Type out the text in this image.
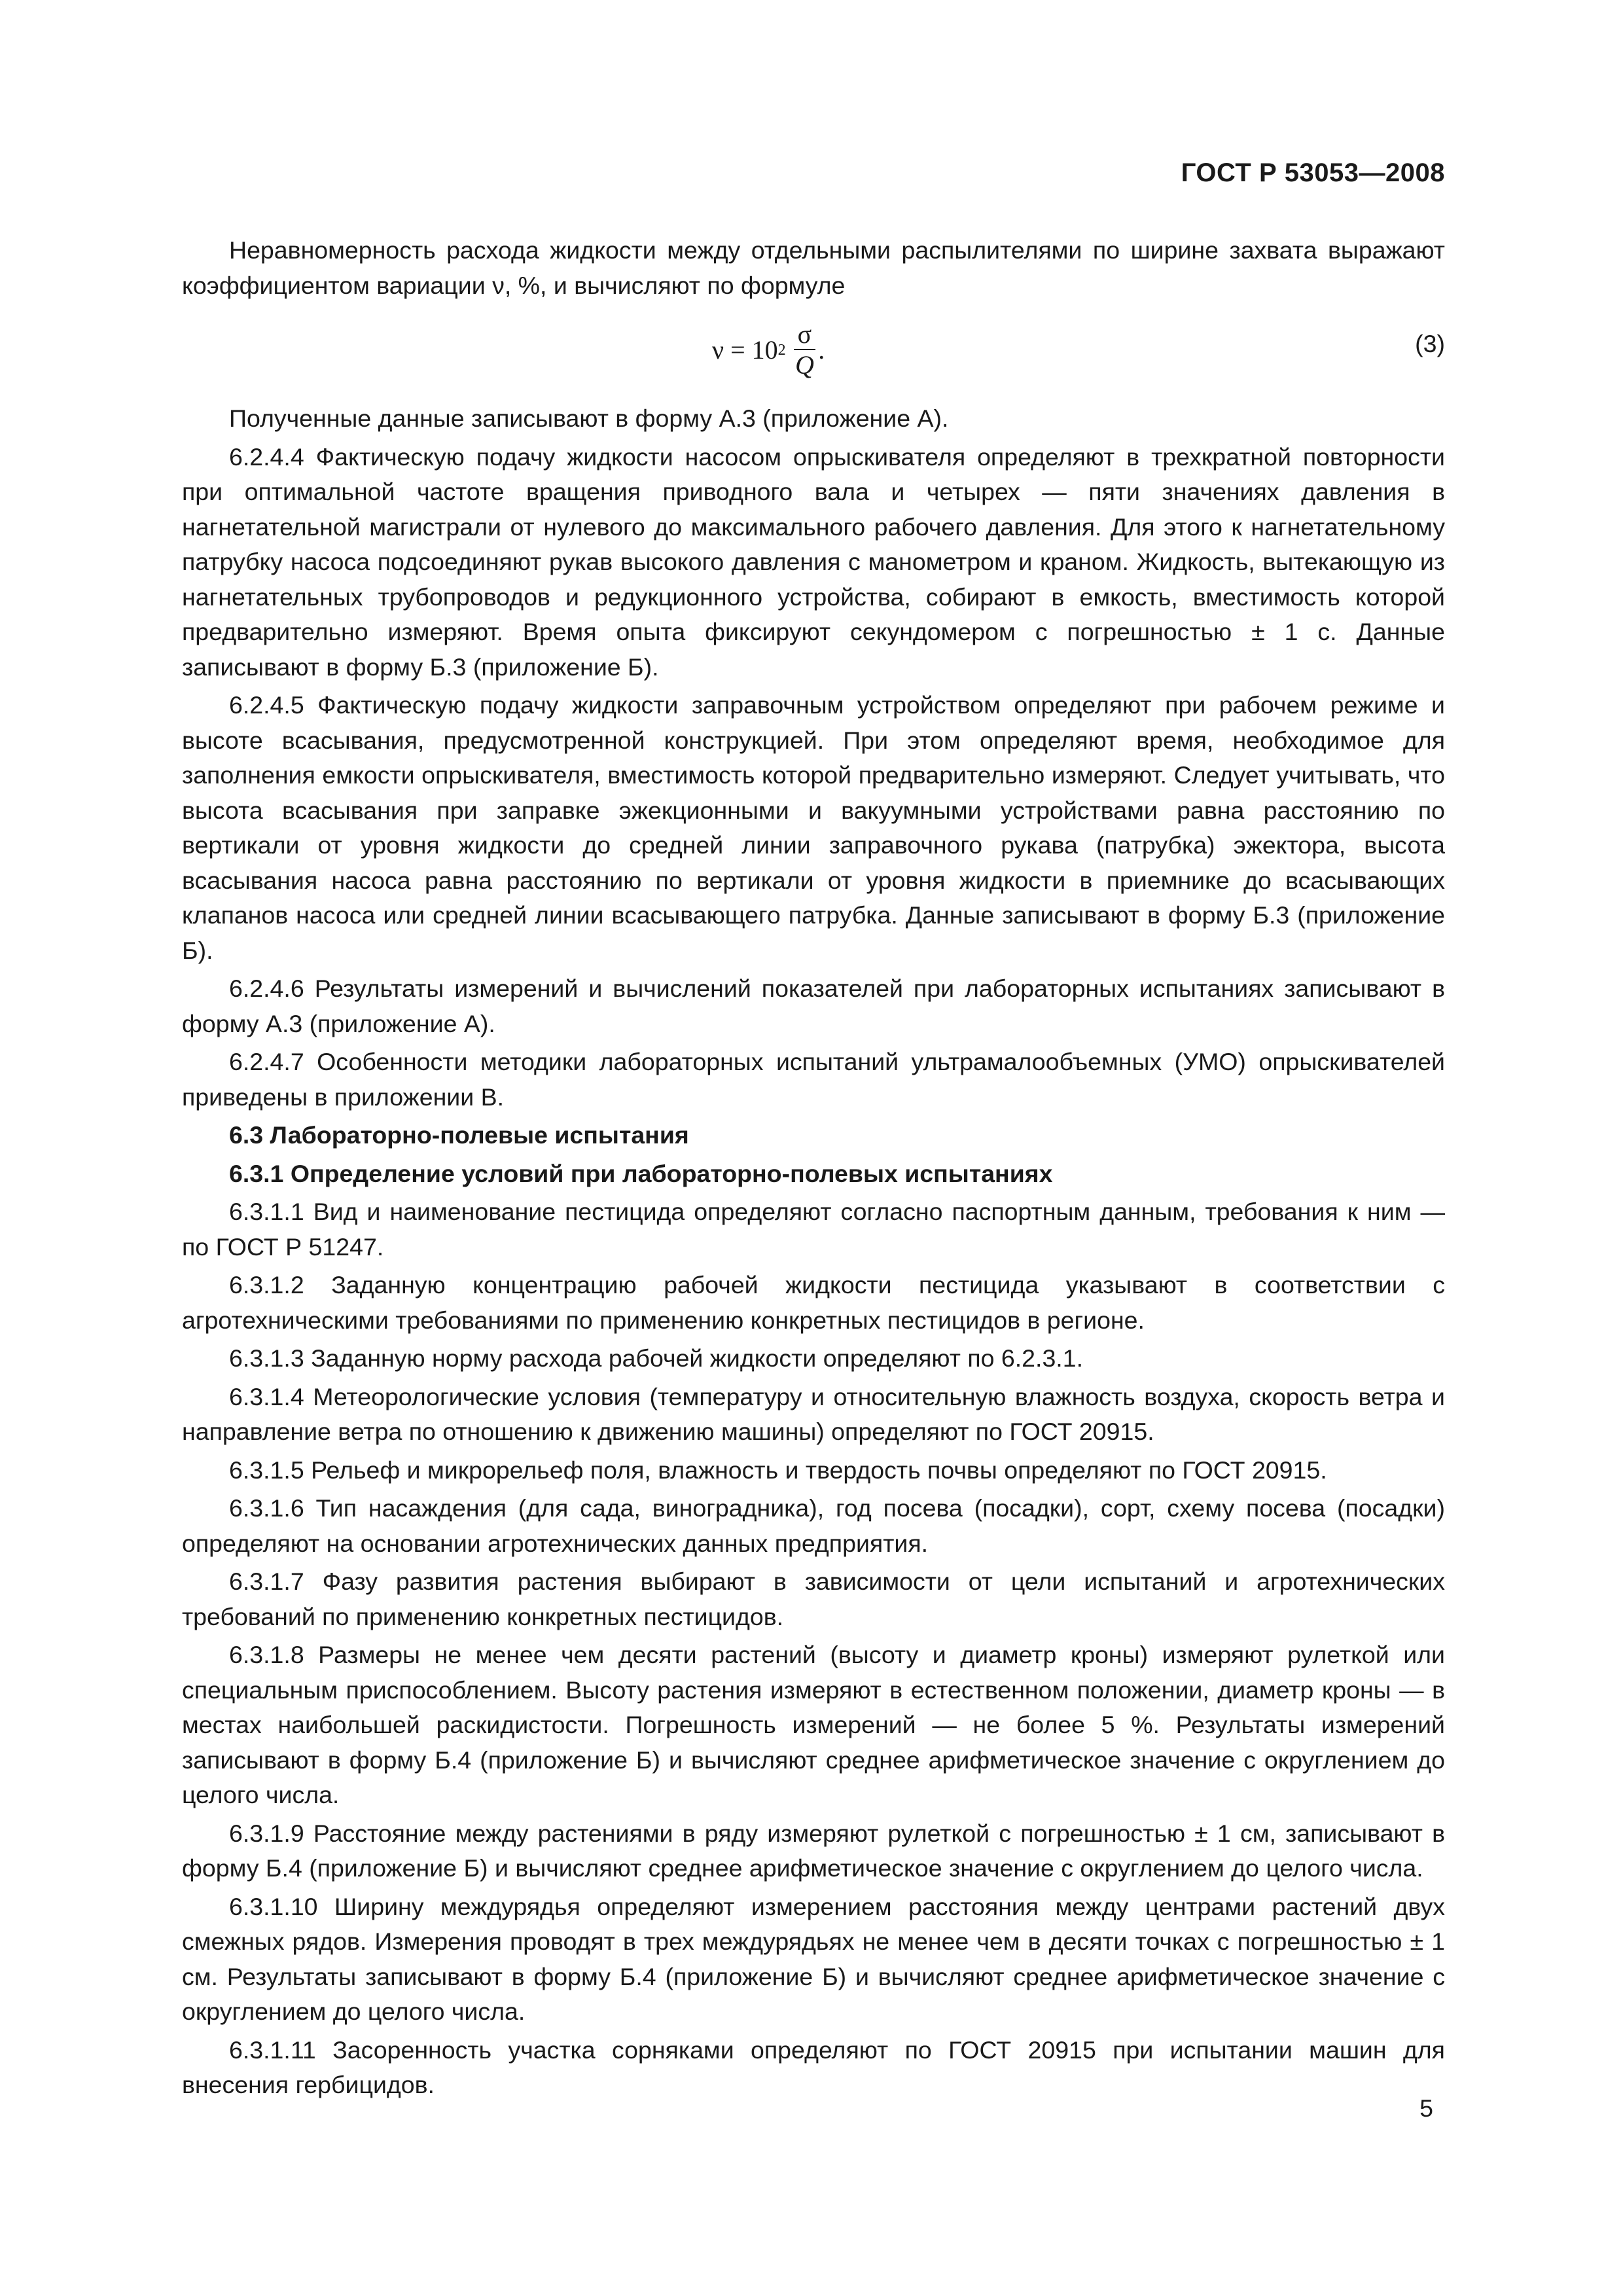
ГОСТ Р 53053—2008

Неравномерность расхода жидкости между отдельными распылителями по ширине захвата выражают коэффициентом вариации ν, %, и вычисляют по формуле

ν = 10 $2 \frac{\sigma}{Q}$ .	(3)

Полученные данные записывают в форму А.3 (приложение А).

6.2.4.4 Фактическую подачу жидкости насосом опрыскивателя определяют в трехкратной повторности при оптимальной частоте вращения приводного вала и четырех — пяти значениях давления в нагнетательной магистрали от нулевого до максимального рабочего давления. Для этого к нагнетательному патрубку насоса подсоединяют рукав высокого давления с манометром и краном. Жидкость, вытекающую из нагнетательных трубопроводов и редукционного устройства, собирают в емкость, вместимость которой предварительно измеряют. Время опыта фиксируют секундомером с погрешностью ± 1 с. Данные записывают в форму Б.3 (приложение Б).

6.2.4.5 Фактическую подачу жидкости заправочным устройством определяют при рабочем режиме и высоте всасывания, предусмотренной конструкцией. При этом определяют время, необходимое для заполнения емкости опрыскивателя, вместимость которой предварительно измеряют. Следует учитывать, что высота всасывания при заправке эжекционными и вакуумными устройствами равна расстоянию по вертикали от уровня жидкости до средней линии заправочного рукава (патрубка) эжектора, высота всасывания насоса равна расстоянию по вертикали от уровня жидкости в приемнике до всасывающих клапанов насоса или средней линии всасывающего патрубка. Данные записывают в форму Б.3 (приложение Б).

6.2.4.6 Результаты измерений и вычислений показателей при лабораторных испытаниях записывают в форму А.3 (приложение А).

6.2.4.7 Особенности методики лабораторных испытаний ультрамалообъемных (УМО) опрыскивателей приведены в приложении В.

6.3 Лабораторно-полевые испытания

6.3.1 Определение условий при лабораторно-полевых испытаниях

6.3.1.1 Вид и наименование пестицида определяют согласно паспортным данным, требования к ним — по ГОСТ Р 51247.

6.3.1.2 Заданную концентрацию рабочей жидкости пестицида указывают в соответствии с агротехническими требованиями по применению конкретных пестицидов в регионе.

6.3.1.3 Заданную норму расхода рабочей жидкости определяют по 6.2.3.1.

6.3.1.4 Метеорологические условия (температуру и относительную влажность воздуха, скорость ветра и направление ветра по отношению к движению машины) определяют по ГОСТ 20915.

6.3.1.5 Рельеф и микрорельеф поля, влажность и твердость почвы определяют по ГОСТ 20915.

6.3.1.6 Тип насаждения (для сада, виноградника), год посева (посадки), сорт, схему посева (посадки) определяют на основании агротехнических данных предприятия.

6.3.1.7 Фазу развития растения выбирают в зависимости от цели испытаний и агротехнических требований по применению конкретных пестицидов.

6.3.1.8 Размеры не менее чем десяти растений (высоту и диаметр кроны) измеряют рулеткой или специальным приспособлением. Высоту растения измеряют в естественном положении, диаметр кроны — в местах наибольшей раскидистости. Погрешность измерений — не более 5 %. Результаты измерений записывают в форму Б.4 (приложение Б) и вычисляют среднее арифметическое значение с округлением до целого числа.

6.3.1.9 Расстояние между растениями в ряду измеряют рулеткой с погрешностью ± 1 см, записывают в форму Б.4 (приложение Б) и вычисляют среднее арифметическое значение с округлением до целого числа.

6.3.1.10 Ширину междурядья определяют измерением расстояния между центрами растений двух смежных рядов. Измерения проводят в трех междурядьях не менее чем в десяти точках с погрешностью ± 1 см. Результаты записывают в форму Б.4 (приложение Б) и вычисляют среднее арифметическое значение с округлением до целого числа.

6.3.1.11 Засоренность участка сорняками определяют по ГОСТ 20915 при испытании машин для внесения гербицидов.

5
